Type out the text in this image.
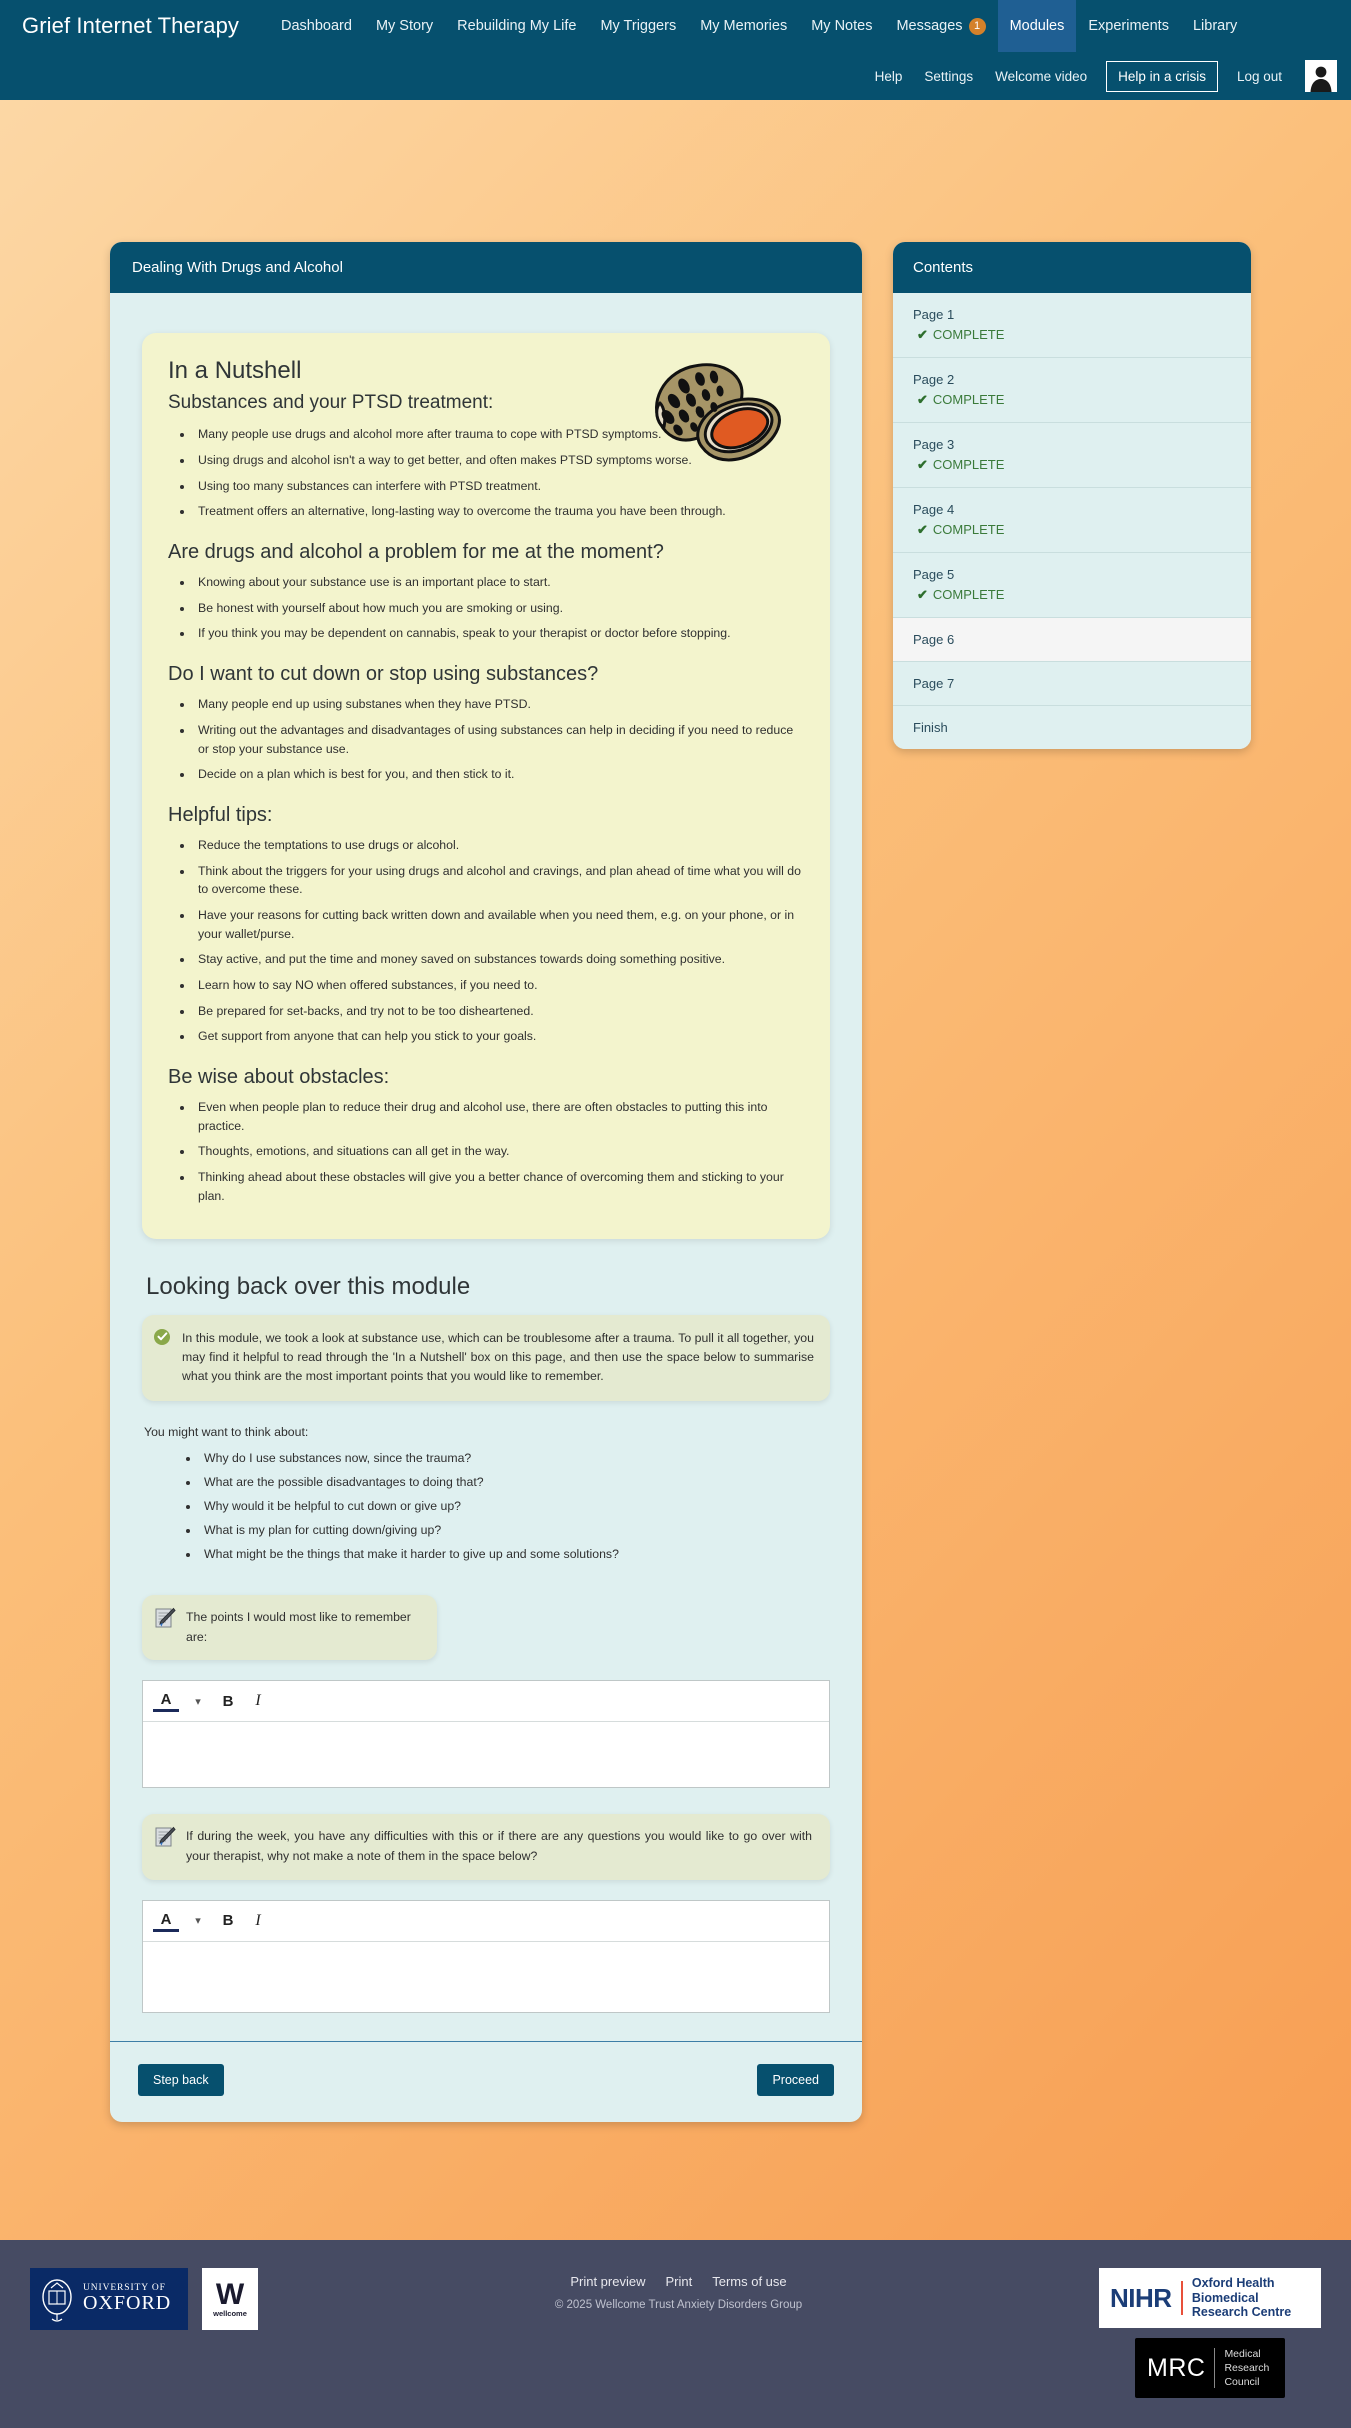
Grief Internet Therapy	Dashboard My Story Rebuilding My Life My Triggers My Memories My Notes Messages	1	Modules Experiments Library
Help	Settings	Welcome video	Help in a crisis	Log out
Dealing With Drugs and Alcohol
In a Nutshell
Substances and your PTSD treatment:
• Many people use drugs and alcohol more after trauma to cope with PTSD symptoms.
• Using drugs and alcohol isn't a way to get better, and often makes PTSD symptoms worse.
• Using too many substances can interfere with PTSD treatment.
• Treatment offers an alternative, long-lasting way to overcome the trauma you have been through.
Are drugs and alcohol a problem for me at the moment?
• Knowing about your substance use is an important place to start.
• Be honest with yourself about how much you are smoking or using.
• If you think you may be dependent on cannabis, speak to your therapist or doctor before stopping.
Do I want to cut down or stop using substances?
• Many people end up using substanes when they have PTSD.
• Writing out the advantages and disadvantages of using substances can help in deciding if you need to reduce or stop your substance use.
• Decide on a plan which is best for you, and then stick to it.
Helpful tips:
• Reduce the temptations to use drugs or alcohol.
• Think about the triggers for your using drugs and alcohol and cravings, and plan ahead of time what you will do to overcome these.
• Have your reasons for cutting back written down and available when you need them, e.g. on your phone, or in your wallet/purse.
• Stay active, and put the time and money saved on substances towards doing something positive.
• Learn how to say NO when offered substances, if you need to.
• Be prepared for set-backs, and try not to be too disheartened.
• Get support from anyone that can help you stick to your goals.
Be wise about obstacles:
• Even when people plan to reduce their drug and alcohol use, there are often obstacles to putting this into practice.
• Thoughts, emotions, and situations can all get in the way.
• Thinking ahead about these obstacles will give you a better chance of overcoming them and sticking to your plan.
Looking back over this module
In this module, we took a look at substance use, which can be troublesome after a trauma. To pull it all together, you may find it helpful to read through the 'In a Nutshell' box on this page, and then use the space below to summarise what you think are the most important points that you would like to remember.
You might want to think about:
• Why do I use substances now, since the trauma?
• What are the possible disadvantages to doing that?
• Why would it be helpful to cut down or give up?
• What is my plan for cutting down/giving up?
• What might be the things that make it harder to give up and some solutions?
The points I would most like to remember are:
A	▾	B	I
If during the week, you have any difficulties with this or if there are any questions you would like to go over with your therapist, why not make a note of them in the space below?
A	▾	B	I
Step back	Proceed
Contents
Page 1
✔ COMPLETE
Page 2
✔ COMPLETE
Page 3
✔ COMPLETE
Page 4
✔ COMPLETE
Page 5
✔ COMPLETE
Page 6
Page 7
Finish
UNIVERSITY OF
OXFORD W
wellcome
Print preview Print Terms of use
© 2025 Wellcome Trust Anxiety Disorders Group	NIHR Oxford Health Biomedical
Research Centre
MRC Medical
Research
Council
